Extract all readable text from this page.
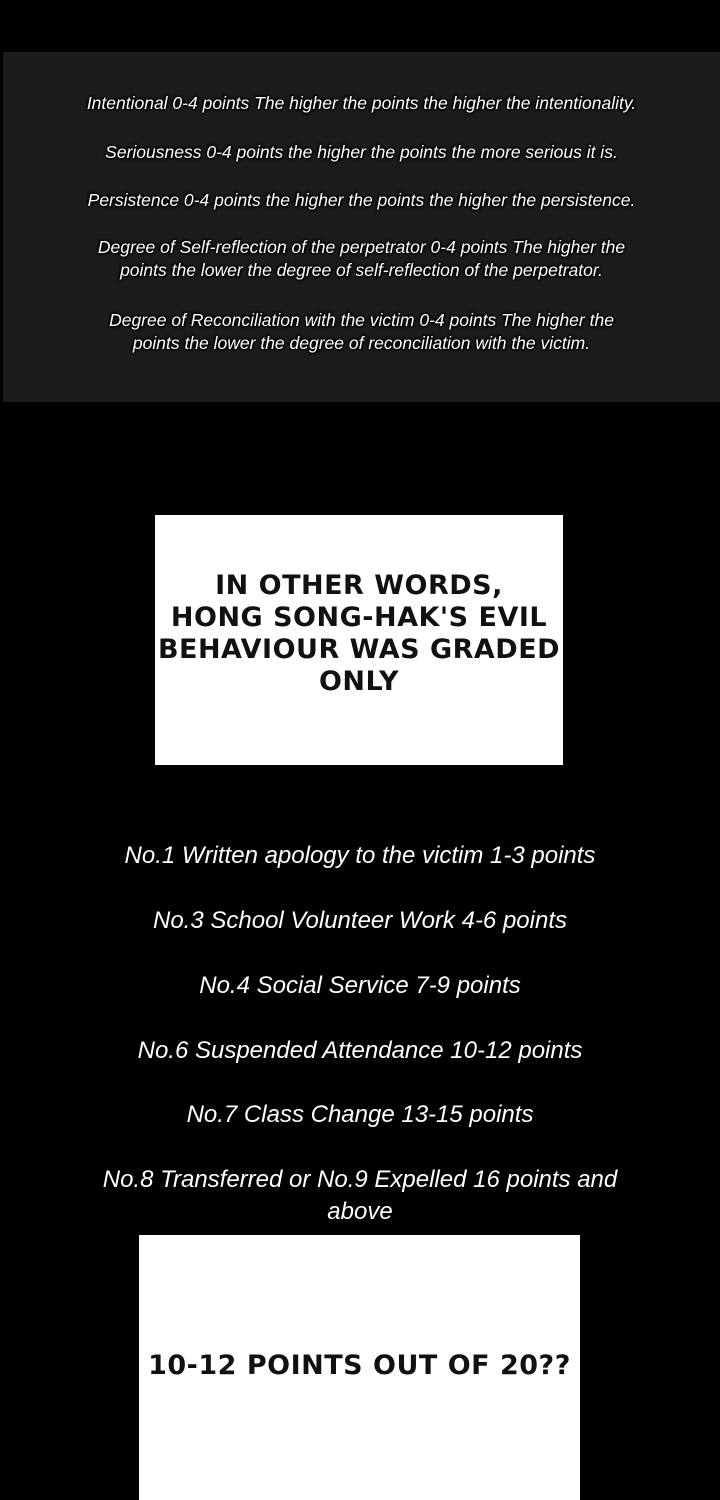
Intentional 0-4 points The higher the points the higher the intentionality.
Seriousness 0-4 points the higher the points the more serious it is.
Persistence 0-4 points the higher the points the higher the persistence.
Degree of Self-reflection of the perpetrator 0-4 points The higher the
points the lower the degree of self-reflection of the perpetrator.
Degree of Reconciliation with the victim 0-4 points The higher the
points the lower the degree of reconciliation with the victim.
IN OTHER WORDS,
HONG SONG-HAK'S EVIL
BEHAVIOUR WAS GRADED
ONLY
No.1 Written apology to the victim 1-3 points
No.3 School Volunteer Work 4-6 points
No.4 Social Service 7-9 points
No.6 Suspended Attendance 10-12 points
No.7 Class Change 13-15 points
No.8 Transferred or No.9 Expelled 16 points and
above
10-12 POINTS OUT OF 20??
